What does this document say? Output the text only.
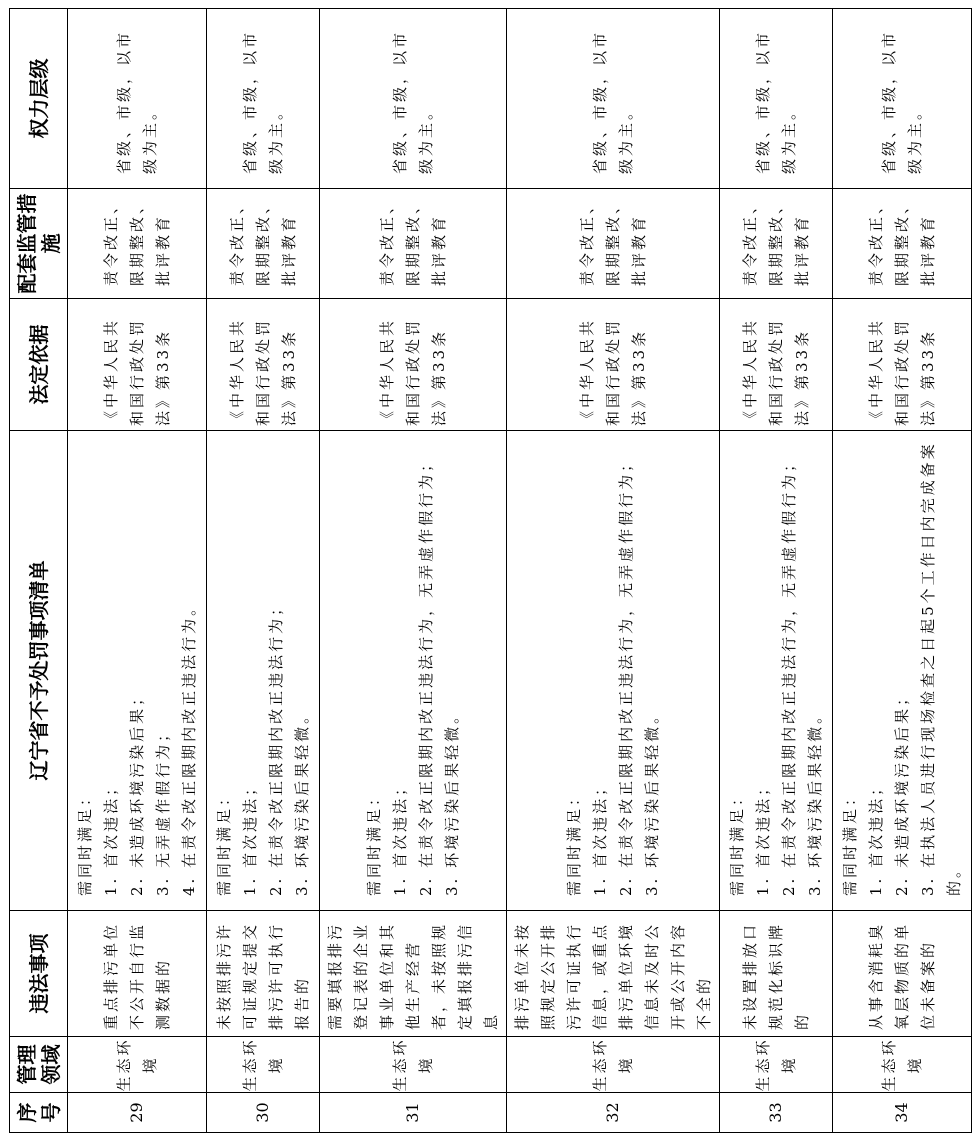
序号	管理领域	违法事项	辽宁省不予处罚事项清单	法定依据	配套监管措施	权力层级
29	生态环境	重点排污单位不公开自行监测数据的	需同时满足： 1. 首次违法； 2. 未造成环境污染后果； 3. 无弄虚作假行为； 4. 在责令改正限期内改正违法行为。	《中华人民共和国行政处罚法》第33条	责令改正、限期整改、批评教育	省级、市级，以市级为主。
30	生态环境	未按照排污许可证规定提交排污许可执行报告的	需同时满足： 1. 首次违法； 2. 在责令改正限期内改正违法行为； 3. 环境污染后果轻微。	《中华人民共和国行政处罚法》第33条	责令改正、限期整改、批评教育	省级、市级，以市级为主。
31	生态环境	需要填报排污登记表的企业事业单位和其他生产经营者，未按照规定填报排污信息	需同时满足： 1. 首次违法； 2. 在责令改正限期内改正违法行为，无弄虚作假行为； 3. 环境污染后果轻微。	《中华人民共和国行政处罚法》第33条	责令改正、限期整改、批评教育	省级、市级，以市级为主。
32	生态环境	排污单位未按照规定公开排污许可证执行信息，或重点排污单位环境信息未及时公开或公开内容不全的	需同时满足： 1. 首次违法； 2. 在责令改正限期内改正违法行为，无弄虚作假行为； 3. 环境污染后果轻微。	《中华人民共和国行政处罚法》第33条	责令改正、限期整改、批评教育	省级、市级，以市级为主。
33	生态环境	未设置排放口规范化标识牌的	需同时满足： 1. 首次违法； 2. 在责令改正限期内改正违法行为，无弄虚作假行为； 3. 环境污染后果轻微。	《中华人民共和国行政处罚法》第33条	责令改正、限期整改、批评教育	省级、市级，以市级为主。
34	生态环境	从事含消耗臭氧层物质的单位未备案的	需同时满足： 1. 首次违法； 2. 未造成环境污染后果； 3. 在执法人员进行现场检查之日起5个工作日内完成备案的。	《中华人民共和国行政处罚法》第33条	责令改正、限期整改、批评教育	省级、市级，以市级为主。
